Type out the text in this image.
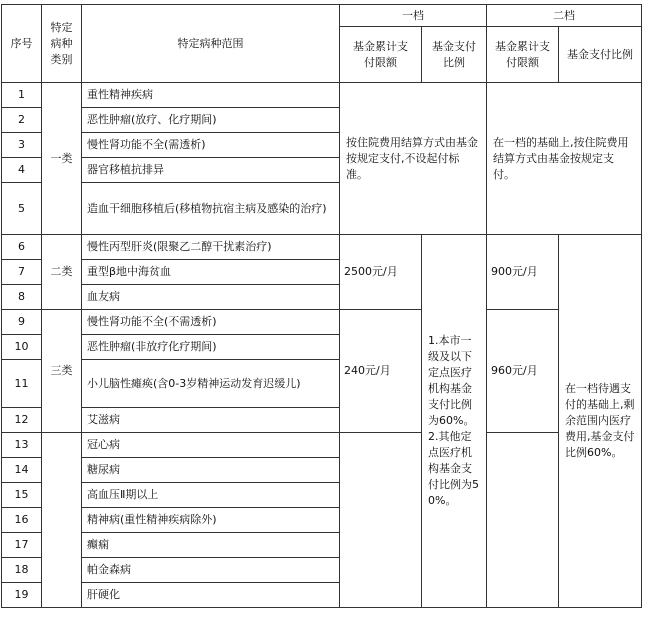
序号	特定病种类别	特定病种范围	一档		二档	
			基金累计支付限额	基金支付比例	基金累计支付限额	基金支付比例
1	一类	重性精神疾病	按住院费用结算方式由基金按规定支付,不设起付标准。		在一档的基础上,按住院费用结算方式由基金按规定支付。	
2		恶性肿瘤(放疗、化疗期间)				
3		慢性肾功能不全(需透析)				
4		器官移植抗排异				
5		造血干细胞移植后(移植物抗宿主病及感染的治疗)				
6	二类	慢性丙型肝炎(限聚乙二醇干扰素治疗)	2500元/月	1.本市一级及以下定点医疗机构基金支付比例为60%。2.其他定点医疗机构基金支付比例为50%。	900元/月	在一档待遇支付的基础上,剩余范围内医疗费用,基金支付比例60%。
7		重型β地中海贫血				
8		血友病				
9	三类	慢性肾功能不全(不需透析)	240元/月		960元/月	
10		恶性肿瘤(非放疗化疗期间)				
11		小儿脑性瘫痪(含0-3岁精神运动发育迟缓儿)				
12		艾滋病				
13		冠心病				
14		糖尿病				
15		高血压Ⅱ期以上				
16		精神病(重性精神疾病除外)				
17		癫痫				
18		帕金森病				
19		肝硬化				
